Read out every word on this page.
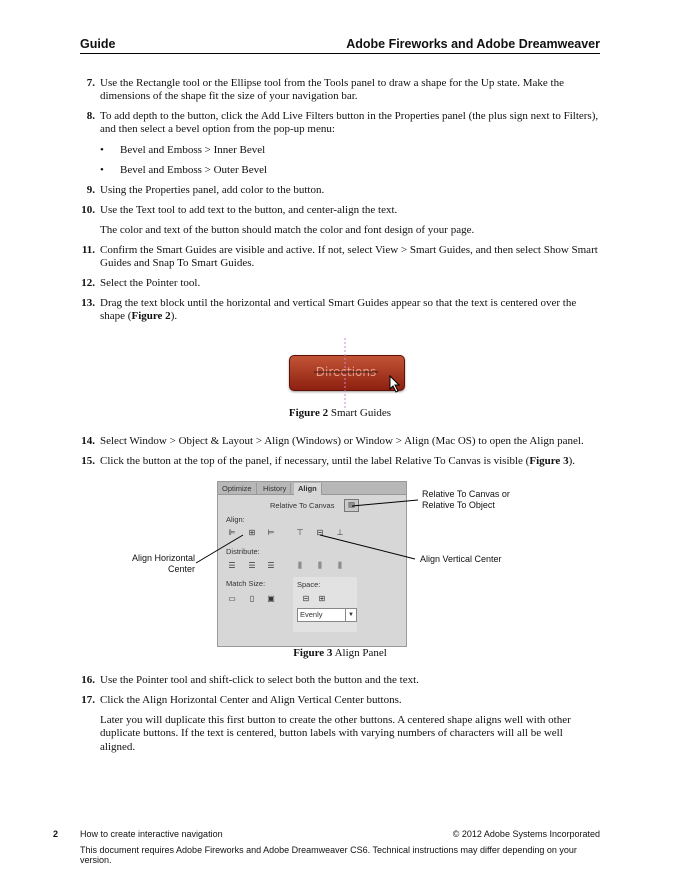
Guide	Adobe Fireworks and Adobe Dreamweaver
7. Use the Rectangle tool or the Ellipse tool from the Tools panel to draw a shape for the Up state. Make the dimensions of the shape fit the size of your navigation bar.
8. To add depth to the button, click the Add Live Filters button in the Properties panel (the plus sign next to Filters), and then select a bevel option from the pop-up menu:
• Bevel and Emboss > Inner Bevel
• Bevel and Emboss > Outer Bevel
9. Using the Properties panel, add color to the button.
10. Use the Text tool to add text to the button, and center-align the text.
The color and text of the button should match the color and font design of your page.
11. Confirm the Smart Guides are visible and active. If not, select View > Smart Guides, and then select Show Smart Guides and Snap To Smart Guides.
12. Select the Pointer tool.
13. Drag the text block until the horizontal and vertical Smart Guides appear so that the text is centered over the shape (Figure 2).
Directions
Figure 2 Smart Guides
14. Select Window > Object & Layout > Align (Windows) or Window > Align (Mac OS) to open the Align panel.
15. Click the button at the top of the panel, if necessary, until the label Relative To Canvas is visible (Figure 3).
Optimize	History	Align
Relative To Canvas	▤
Align:
⊫ ⊞ ⊨	⊤ ⊟ ⊥
Distribute:
☰ ☰ ☰	⫼	⫼	⫼
Match Size:
▭	▯	▣
Space:
⊟ ⊞
Evenly	▼
Relative To Canvas or Relative To Object
Align Horizontal Center
Align Vertical Center
Figure 3 Align Panel
16. Use the Pointer tool and shift-click to select both the button and the text.
17. Click the Align Horizontal Center and Align Vertical Center buttons.
Later you will duplicate this first button to create the other buttons. A centered shape aligns well with other duplicate buttons. If the text is centered, button labels with varying numbers of characters will all be well aligned.
2 How to create interactive navigation	© 2012 Adobe Systems Incorporated
This document requires Adobe Fireworks and Adobe Dreamweaver CS6. Technical instructions may differ depending on your version.
